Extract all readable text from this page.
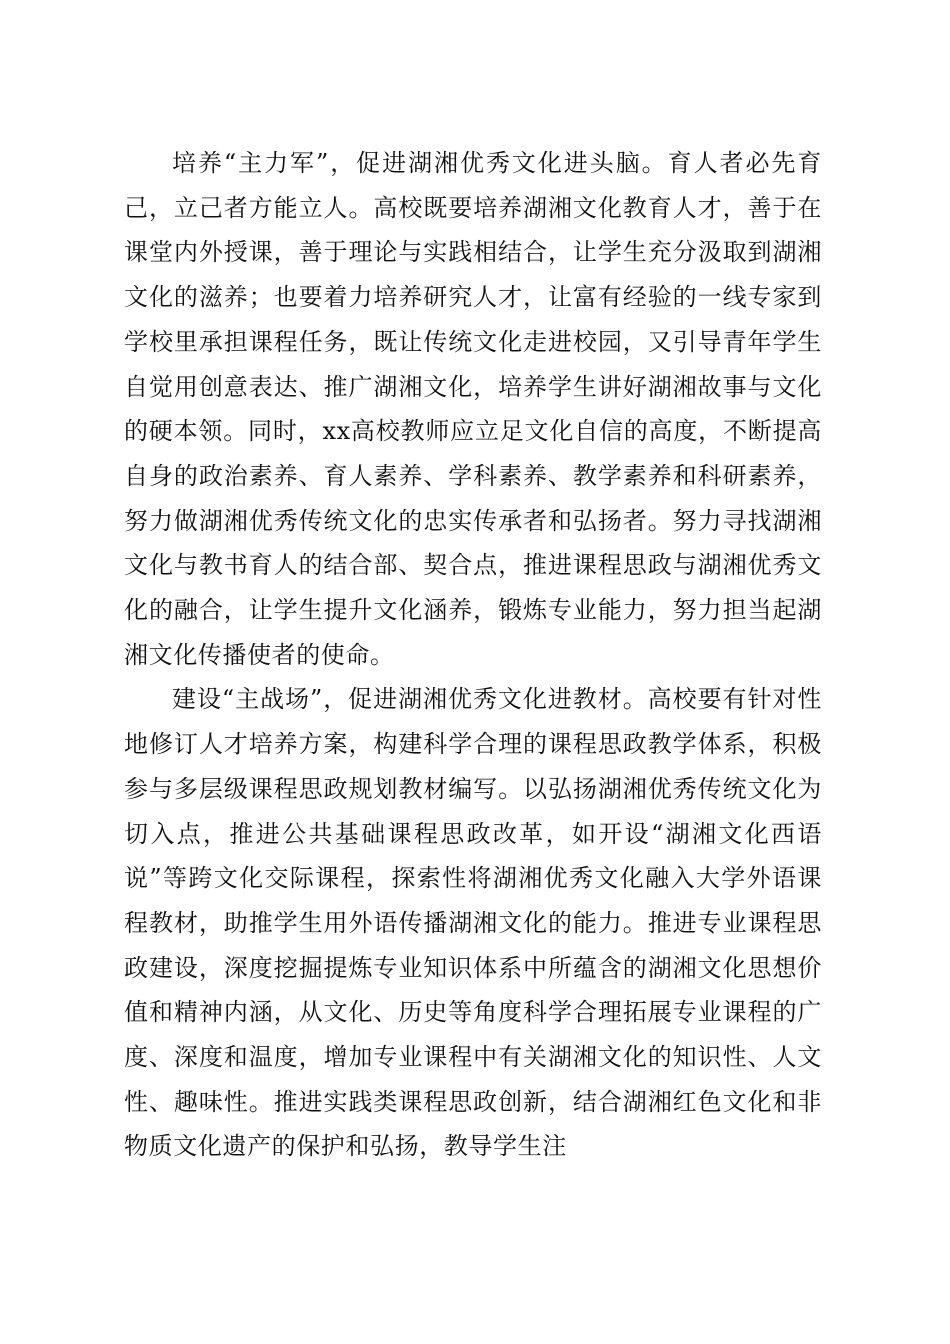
培养“主力军”，促进湖湘优秀文化进头脑。育人者必先育己，立己者方能立人。高校既要培养湖湘文化教育人才，善于在课堂内外授课，善于理论与实践相结合，让学生充分汲取到湖湘文化的滋养；也要着力培养研究人才，让富有经验的一线专家到学校里承担课程任务，既让传统文化走进校园，又引导青年学生自觉用创意表达、推广湖湘文化，培养学生讲好湖湘故事与文化的硬本领。同时，xx高校教师应立足文化自信的高度，不断提高自身的政治素养、育人素养、学科素养、教学素养和科研素养，努力做湖湘优秀传统文化的忠实传承者和弘扬者。努力寻找湖湘文化与教书育人的结合部、契合点，推进课程思政与湖湘优秀文化的融合，让学生提升文化涵养，锻炼专业能力，努力担当起湖湘文化传播使者的使命。

建设“主战场”，促进湖湘优秀文化进教材。高校要有针对性地修订人才培养方案，构建科学合理的课程思政教学体系，积极参与多层级课程思政规划教材编写。以弘扬湖湘优秀传统文化为切入点，推进公共基础课程思政改革，如开设“湖湘文化西语说”等跨文化交际课程，探索性将湖湘优秀文化融入大学外语课程教材，助推学生用外语传播湖湘文化的能力。推进专业课程思政建设，深度挖掘提炼专业知识体系中所蕴含的湖湘文化思想价值和精神内涵，从文化、历史等角度科学合理拓展专业课程的广度、深度和温度，增加专业课程中有关湖湘文化的知识性、人文性、趣味性。推进实践类课程思政创新，结合湖湘红色文化和非物质文化遗产的保护和弘扬，教导学生注
